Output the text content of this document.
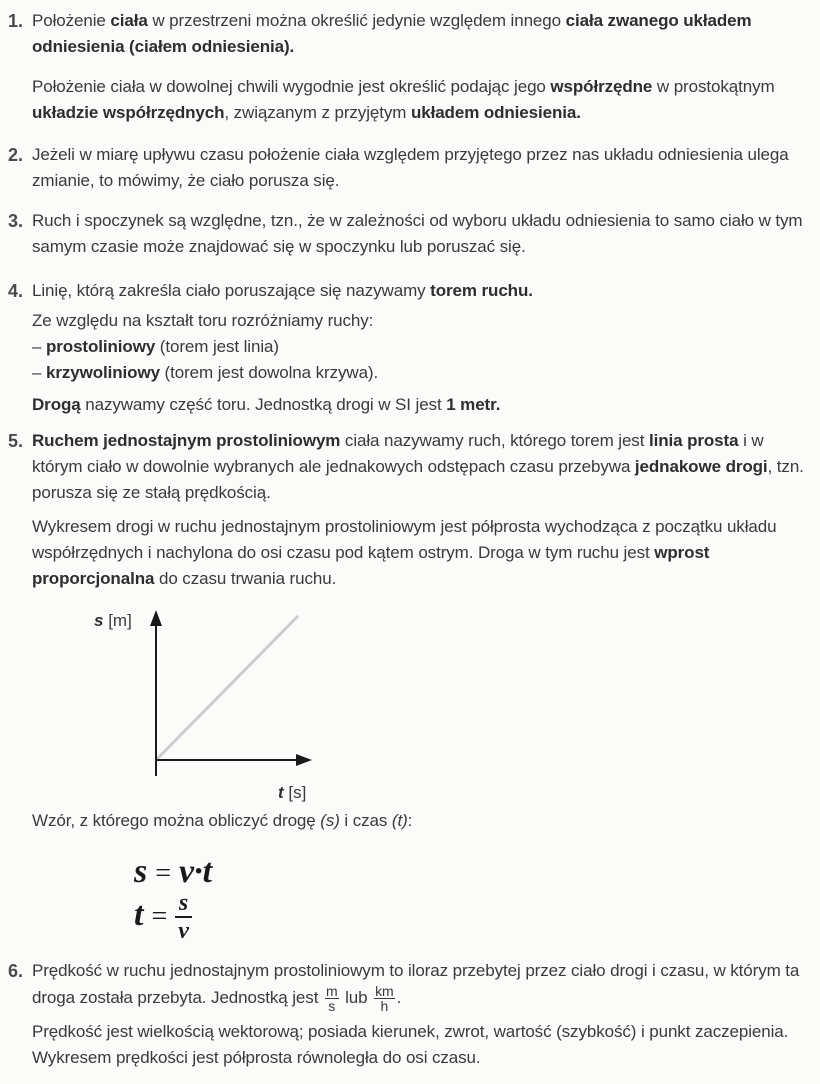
1. Położenie ciała w przestrzeni można określić jedynie względem innego ciała zwanego układem odniesienia (ciałem odniesienia).

Położenie ciała w dowolnej chwili wygodnie jest określić podając jego współrzędne w prostokątnym układzie współrzędnych, związanym z przyjętym układem odniesienia.

2. Jeżeli w miarę upływu czasu położenie ciała względem przyjętego przez nas układu odniesienia ulega zmianie, to mówimy, że ciało porusza się.

3. Ruch i spoczynek są względne, tzn., że w zależności od wyboru układu odniesienia to samo ciało w tym samym czasie może znajdować się w spoczynku lub poruszać się.

4. Linię, którą zakreśla ciało poruszające się nazywamy torem ruchu.

Ze względu na kształt toru rozróżniamy ruchy:

– prostoliniowy (torem jest linia)

– krzywoliniowy (torem jest dowolna krzywa).

Drogą nazywamy część toru. Jednostką drogi w SI jest 1 metr.

5. Ruchem jednostajnym prostoliniowym ciała nazywamy ruch, którego torem jest linia prosta i w którym ciało w dowolnie wybranych ale jednakowych odstępach czasu przebywa jednakowe drogi, tzn. porusza się ze stałą prędkością.

Wykresem drogi w ruchu jednostajnym prostoliniowym jest półprosta wychodząca z początku układu współrzędnych i nachylona do osi czasu pod kątem ostrym. Droga w tym ruchu jest wprost proporcjonalna do czasu trwania ruchu.

s [m]
t [s]

Wzór, z którego można obliczyć drogę (s) i czas (t):

s = v·t
$t = \frac{s}{v}$
6. Prędkość w ruchu jednostajnym prostoliniowym to iloraz przebytej przez ciało drogi i czasu, w którym ta droga została przebyta. Jednostką jest $\frac{m}{s}$ lub $\frac{km}{h}$ .

Prędkość jest wielkością wektorową; posiada kierunek, zwrot, wartość (szybkość) i punkt zaczepienia. Wykresem prędkości jest półprosta równoległa do osi czasu.
